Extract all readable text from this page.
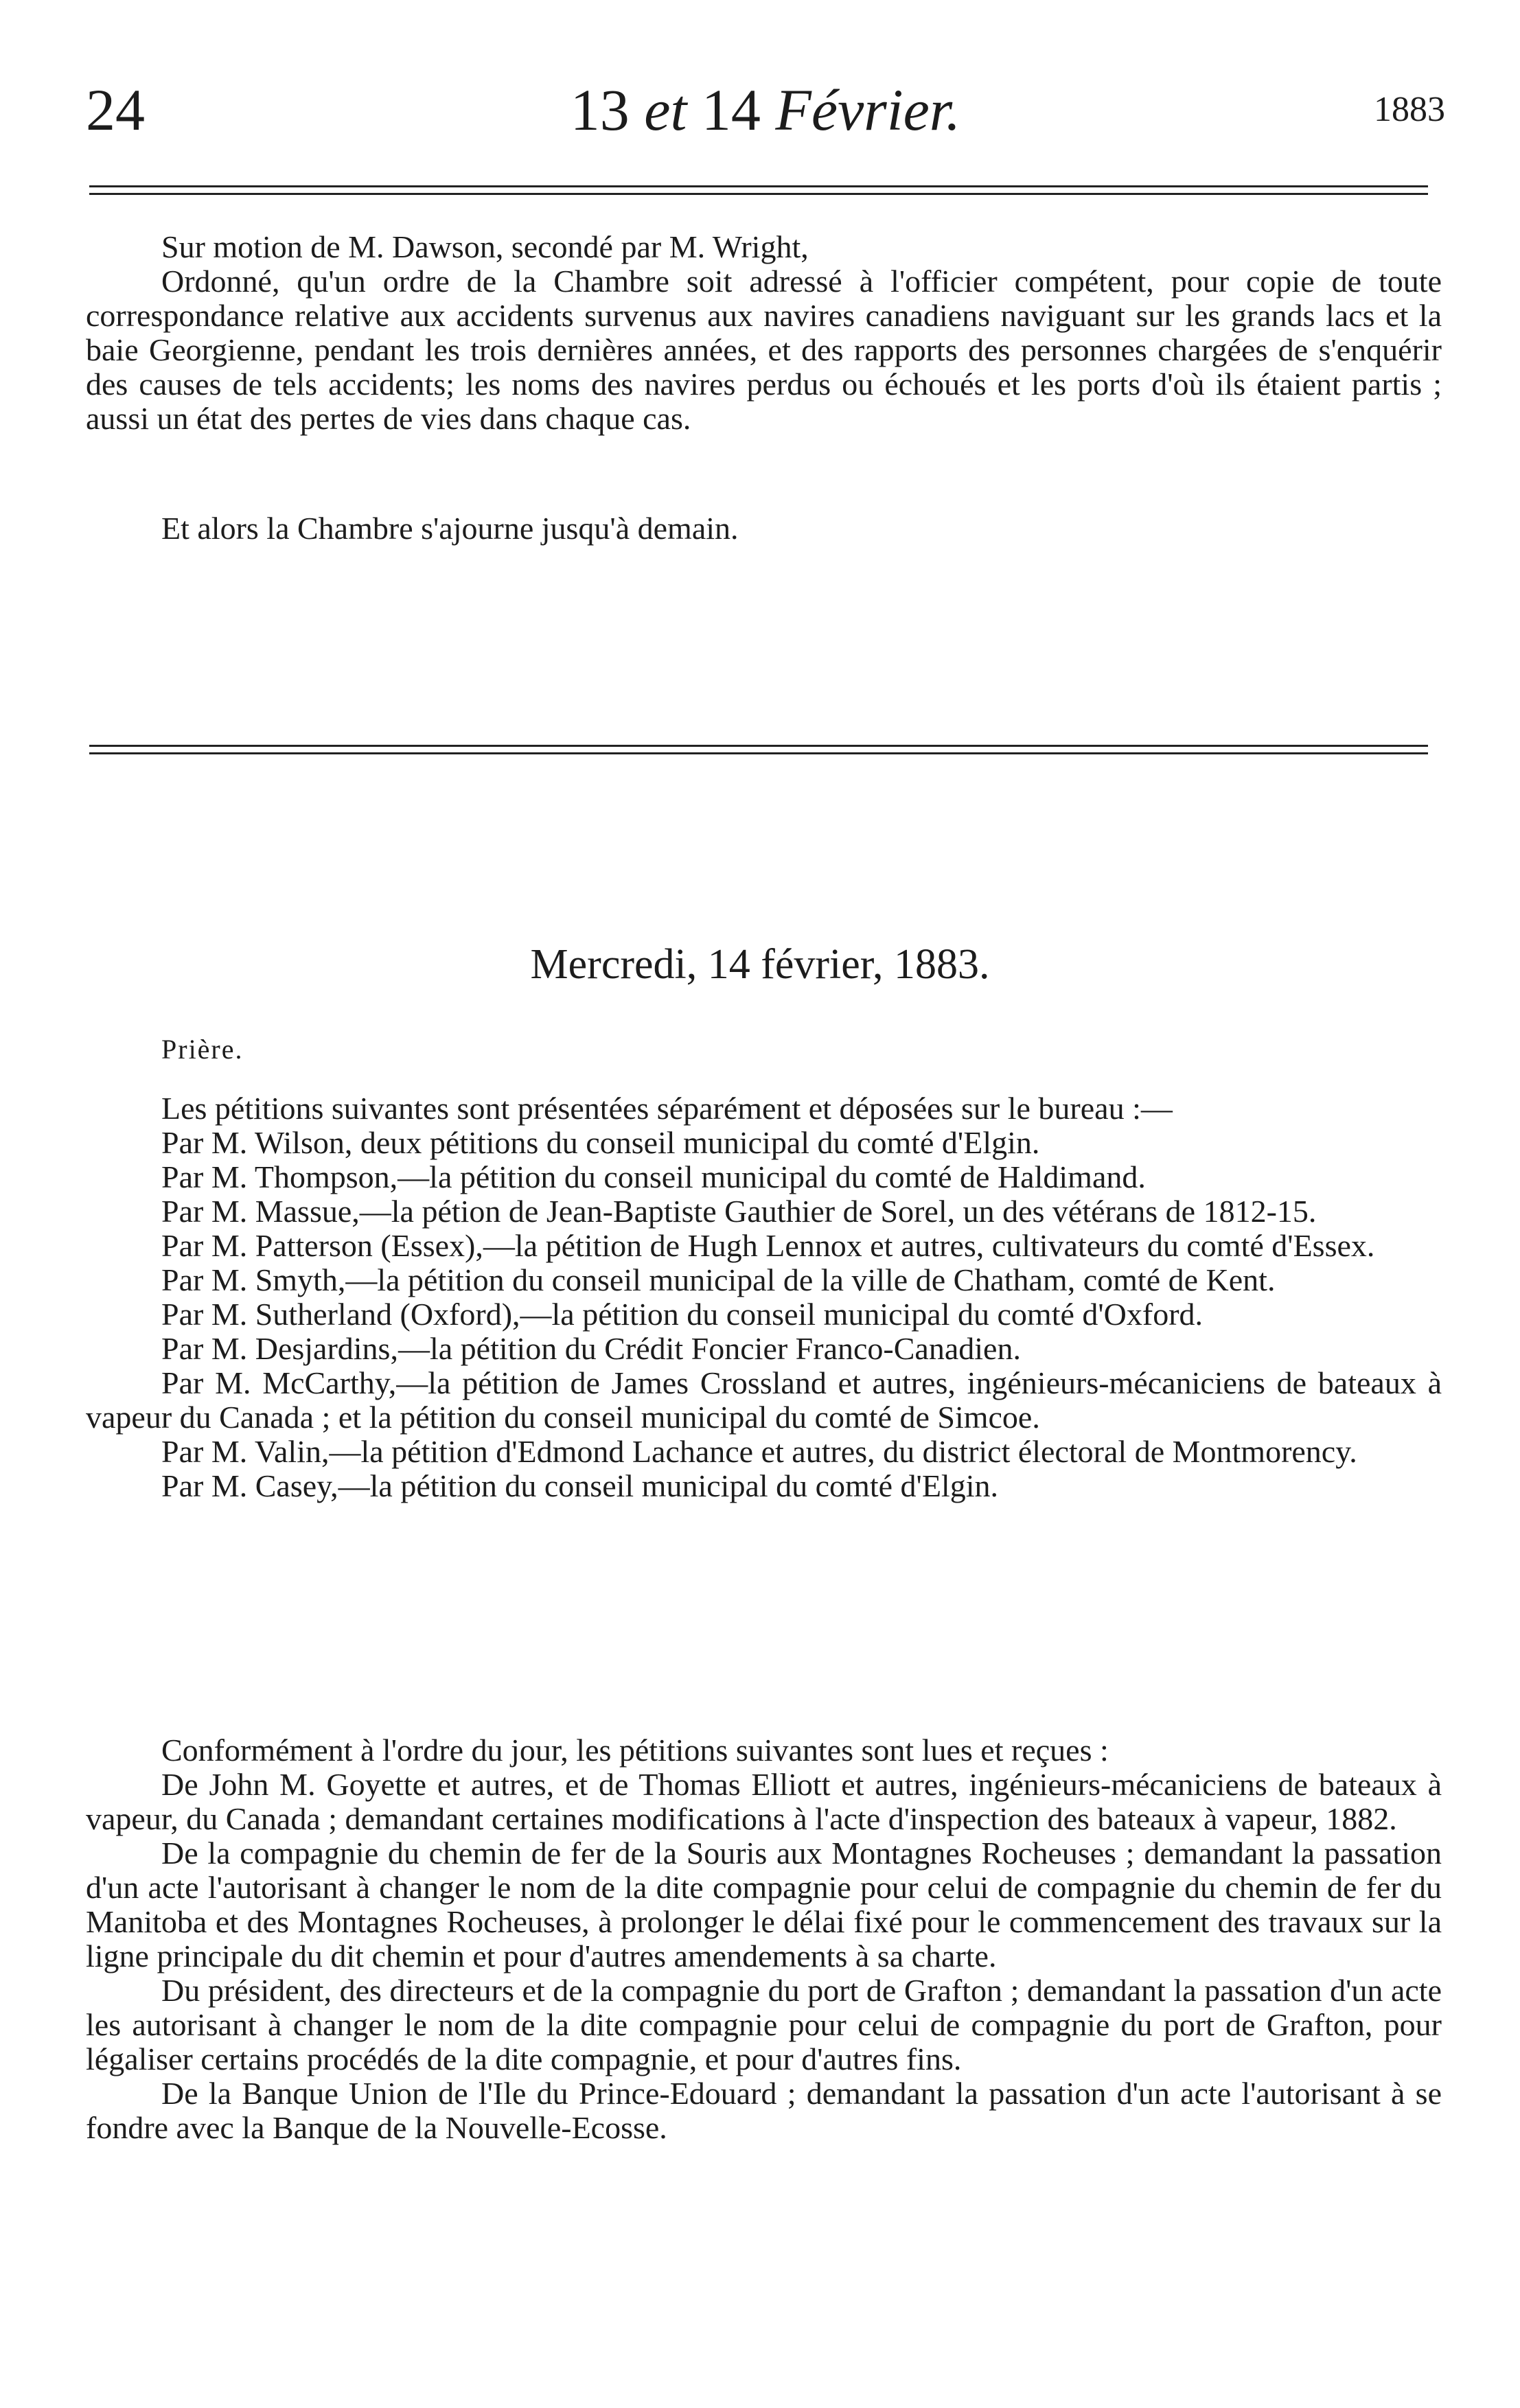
24	13 et 14 Février.	1883

Sur motion de M. Dawson, secondé par M. Wright,

Ordonné, qu'un ordre de la Chambre soit adressé à l'officier compétent, pour copie de toute correspondance relative aux accidents survenus aux navires canadiens naviguant sur les grands lacs et la baie Georgienne, pendant les trois dernières années, et des rapports des personnes chargées de s'enquérir des causes de tels accidents; les noms des navires perdus ou échoués et les ports d'où ils étaient partis ; aussi un état des pertes de vies dans chaque cas.

Et alors la Chambre s'ajourne jusqu'à demain.

Mercredi, 14 février, 1883.
Prière.

Les pétitions suivantes sont présentées séparément et déposées sur le bureau :—

Par M. Wilson, deux pétitions du conseil municipal du comté d'Elgin.

Par M. Thompson,—la pétition du conseil municipal du comté de Haldimand.

Par M. Massue,—la pétion de Jean-Baptiste Gauthier de Sorel, un des vétérans de 1812-15.

Par M. Patterson (Essex),—la pétition de Hugh Lennox et autres, cultivateurs du comté d'Essex.

Par M. Smyth,—la pétition du conseil municipal de la ville de Chatham, comté de Kent.

Par M. Sutherland (Oxford),—la pétition du conseil municipal du comté d'Oxford.

Par M. Desjardins,—la pétition du Crédit Foncier Franco-Canadien.

Par M. McCarthy,—la pétition de James Crossland et autres, ingénieurs-mécaniciens de bateaux à vapeur du Canada ; et la pétition du conseil municipal du comté de Simcoe.

Par M. Valin,—la pétition d'Edmond Lachance et autres, du district électoral de Montmorency.

Par M. Casey,—la pétition du conseil municipal du comté d'Elgin.

Conformément à l'ordre du jour, les pétitions suivantes sont lues et reçues :

De John M. Goyette et autres, et de Thomas Elliott et autres, ingénieurs-mécaniciens de bateaux à vapeur, du Canada ; demandant certaines modifications à l'acte d'inspection des bateaux à vapeur, 1882.

De la compagnie du chemin de fer de la Souris aux Montagnes Rocheuses ; demandant la passation d'un acte l'autorisant à changer le nom de la dite compagnie pour celui de compagnie du chemin de fer du Manitoba et des Montagnes Rocheuses, à prolonger le délai fixé pour le commencement des travaux sur la ligne principale du dit chemin et pour d'autres amendements à sa charte.

Du président, des directeurs et de la compagnie du port de Grafton ; demandant la passation d'un acte les autorisant à changer le nom de la dite compagnie pour celui de compagnie du port de Grafton, pour légaliser certains procédés de la dite compagnie, et pour d'autres fins.

De la Banque Union de l'Ile du Prince-Edouard ; demandant la passation d'un acte l'autorisant à se fondre avec la Banque de la Nouvelle-Ecosse.
